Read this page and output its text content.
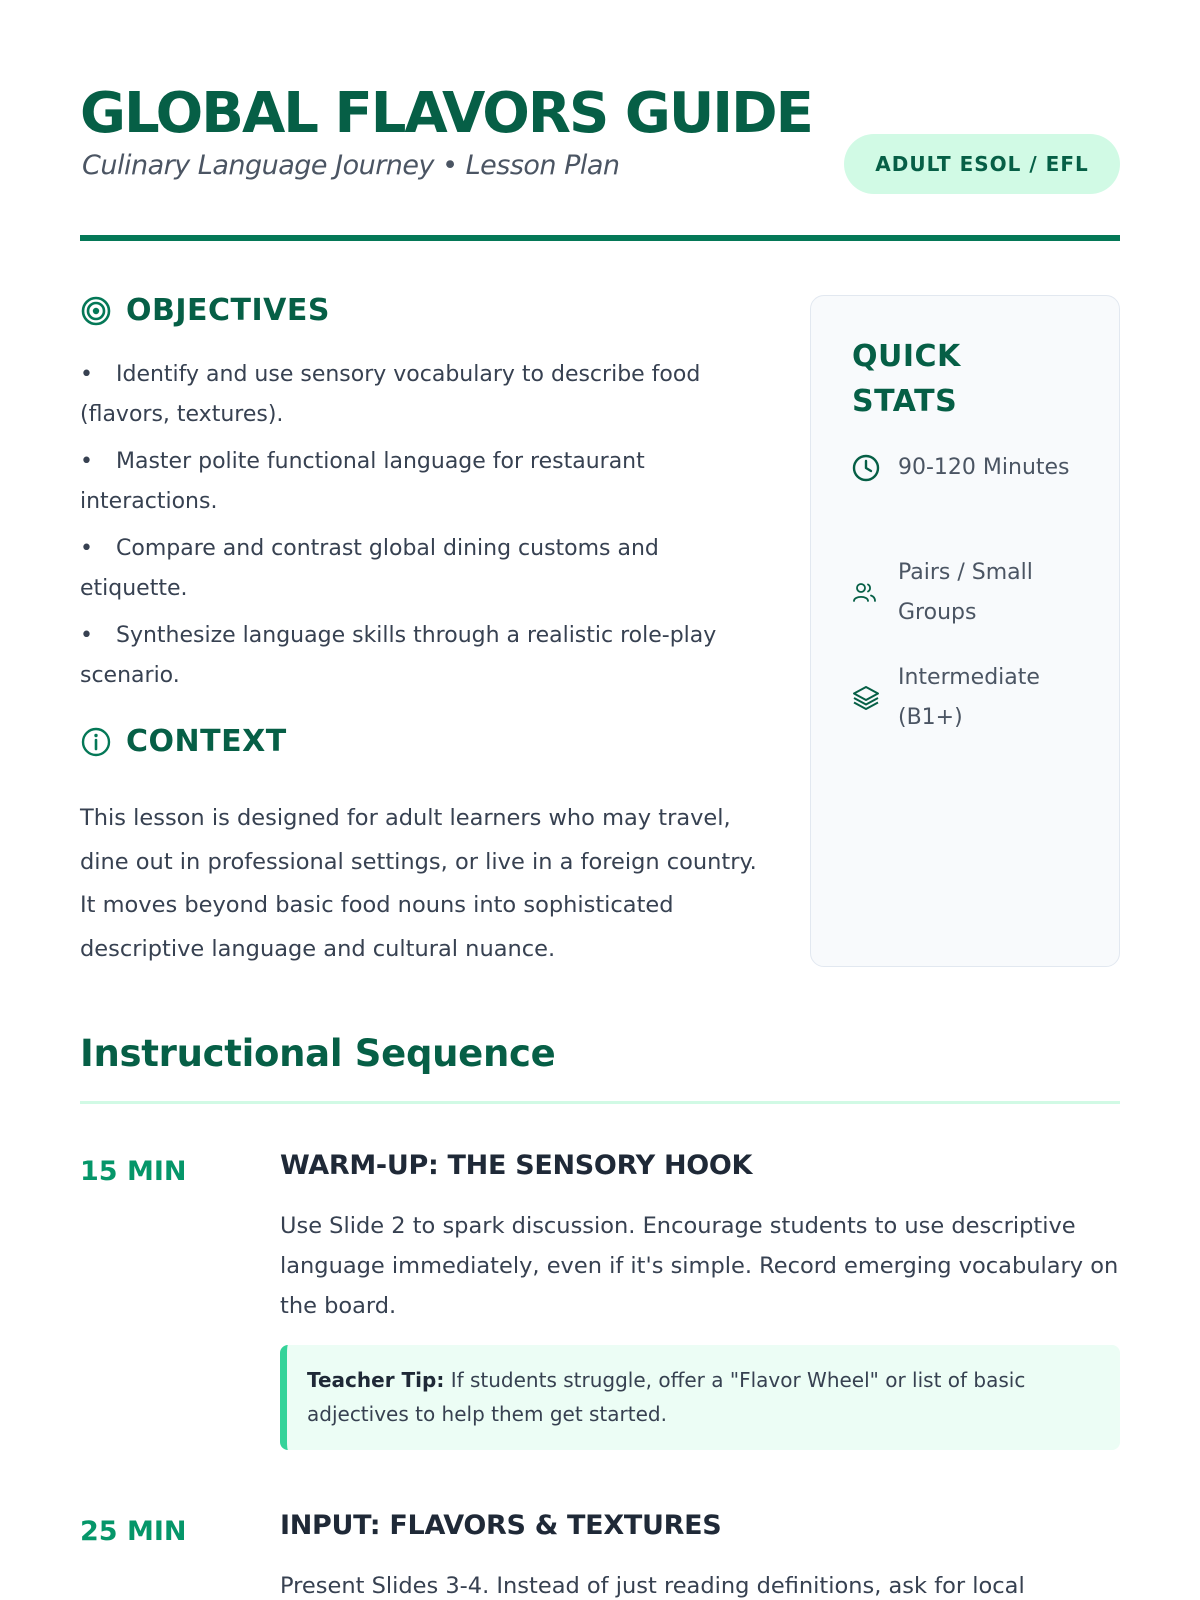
GLOBAL FLAVORS GUIDE
Culinary Language Journey • Lesson Plan	ADULT ESOL / EFL
OBJECTIVES
• Identify and use sensory vocabulary to describe food (flavors, textures).
• Master polite functional language for restaurant interactions.
• Compare and contrast global dining customs and etiquette.
• Synthesize language skills through a realistic role-play scenario.
CONTEXT

This lesson is designed for adult learners who may travel, dine out in professional settings, or live in a foreign country. It moves beyond basic food nouns into sophisticated descriptive language and cultural nuance.

QUICK STATS
90-120 Minutes
Pairs / Small Groups
Intermediate (B1+)
Instructional Sequence
15 MIN	WARM-UP: THE SENSORY HOOK

Use Slide 2 to spark discussion. Encourage students to use descriptive language immediately, even if it's simple. Record emerging vocabulary on the board.

Teacher Tip: If students struggle, offer a "Flavor Wheel" or list of basic adjectives to help them get started.
25 MIN	INPUT: FLAVORS & TEXTURES

Present Slides 3-4. Instead of just reading definitions, ask for local
